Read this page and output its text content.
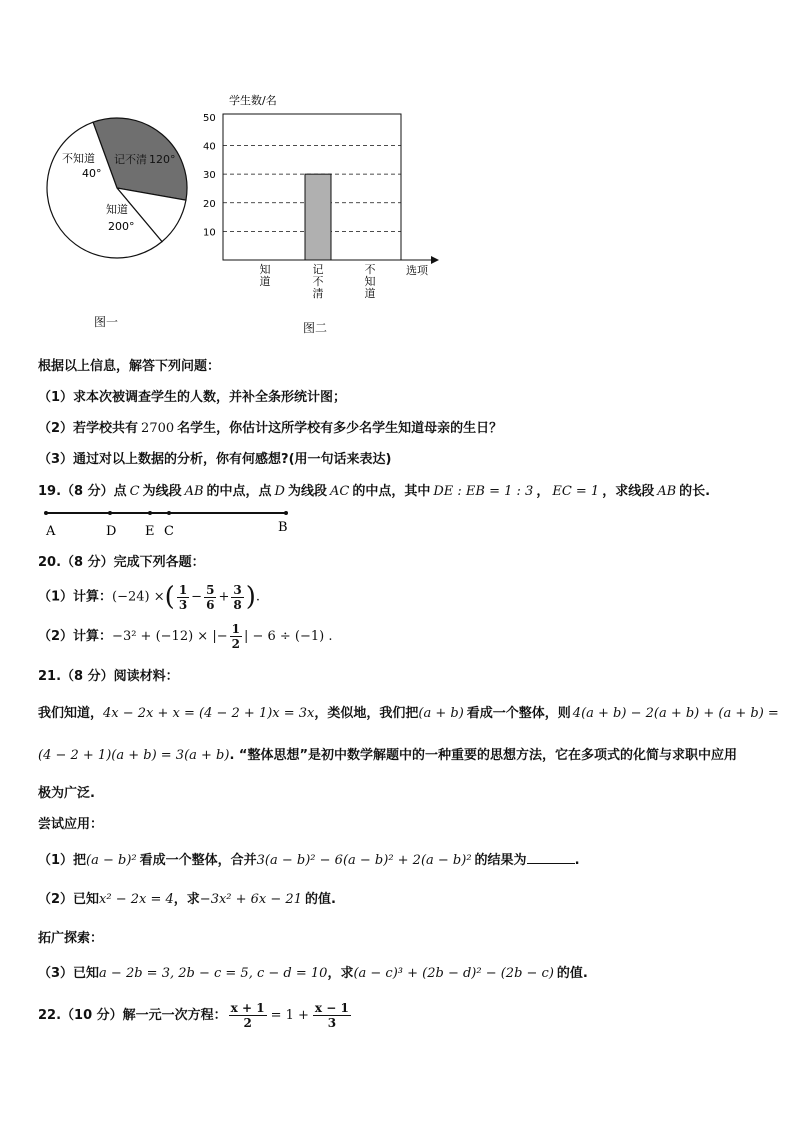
不知道
40°
记不清 120°
知道
200°
图一
学生数/名
10
20
30
40
50
知道
记不清
不知道
选项
图二
根据以上信息，解答下列问题：
（1）求本次被调查学生的人数，并补全条形统计图；
（2）若学校共有 2700 名学生，你估计这所学校有多少名学生知道母亲的生日？
（3）通过对以上数据的分析，你有何感想?(用一句话来表达)
19.（8 分）点 C 为线段 AB 的中点，点 D 为线段 AC 的中点，其中 DE : EB = 1 : 3 ， EC = 1 ，求线段 AB 的长.
A	D E C	B
20.（8 分）完成下列各题：
（1）计算：(−24) ×( $\frac{1}{3} - \frac{5}{6} + \frac{3}{8}$ ).
（2）计算：−3² + (−12) × |− $\frac{1}{2}$ | − 6 ÷ (−1) .
21.（8 分）阅读材料：
我们知道，4x − 2x + x = (4 − 2 + 1)x = 3x，类似地，我们把(a + b) 看成一个整体，则 4(a + b) − 2(a + b) + (a + b) =
(4 − 2 + 1)(a + b) = 3(a + b). “整体思想”是初中数学解题中的一种重要的思想方法，它在多项式的化简与求职中应用
极为广泛.
尝试应用：
（1）把(a − b)² 看成一个整体，合并3(a − b)² − 6(a − b)² + 2(a − b)² 的结果为	.
（2）已知x² − 2x = 4，求−3x² + 6x − 21 的值.
拓广探索：
（3）已知a − 2b = 3, 2b − c = 5, c − d = 10，求(a − c)³ + (2b − d)² − (2b − c) 的值.
22.（10 分）解一元一次方程： $\frac{x + 1}{2} = 1 + \frac{x - 1}{3}$
